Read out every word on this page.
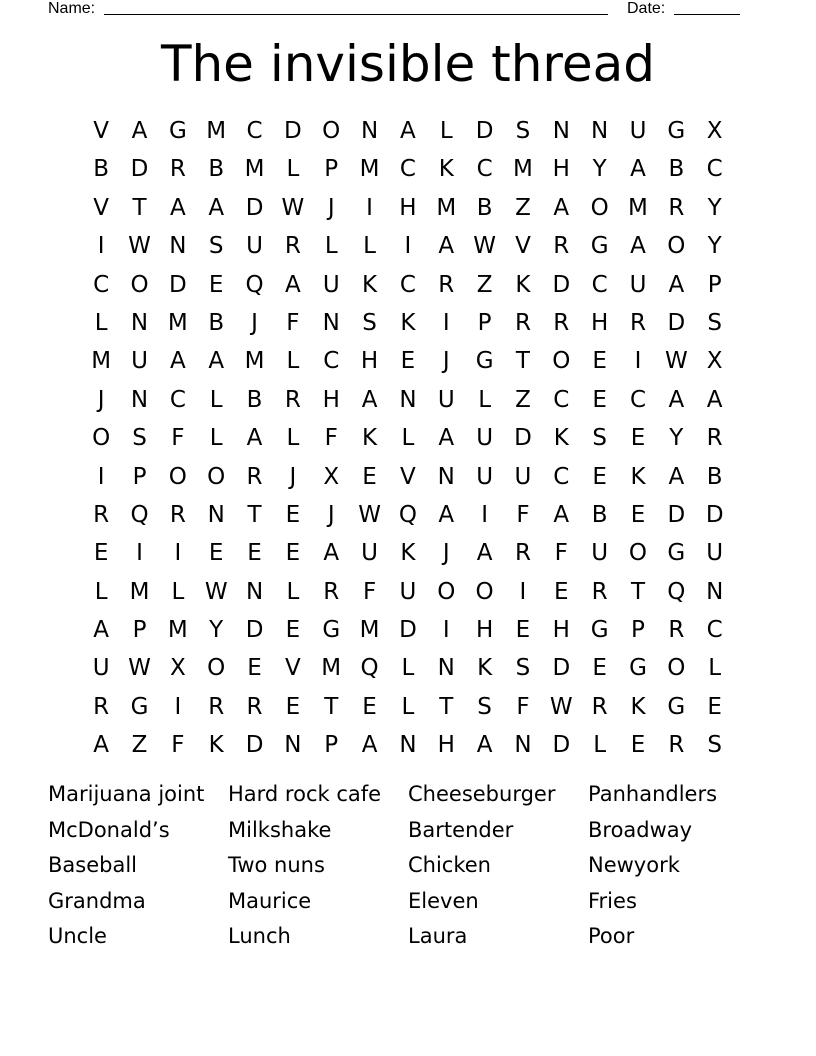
Name:	Date:
The invisible thread
V A G M C D O N A	L	D S N N U G X
B D R B M L	P M C K C M H Y	A B C
V	T	A A D W	J	I	H M B Z A O M R	Y
I	W N S U R	L	L	I	A W V R G A O Y
C O D E Q A U K C R Z K D C U A	P
L	N M B	J	F	N S	K	I	P	R R H R D S
M U A A M L	C H E	J	G T O E	I	W X
J	N C	L	B R H A N U	L	Z C	E	C A A
O S	F	L	A	L	F	K	L	A U D K	S	E	Y	R
I	P O O R	J	X	E	V N U U C	E	K A B
R Q R N T	E	J	W Q A	I	F	A B	E D D
E	I	I	E	E	E	A U K	J	A R	F	U O G U
L M L W N	L	R	F	U O O	I	E	R	T Q N
A	P M Y D E G M D	I	H E H G P	R C
U W X O E	V M Q L	N K	S D E G O L
R G	I	R R	E	T	E	L	T	S	F W R K G E
A Z	F	K D N P	A N H A N D	L	E	R	S
Marijuana joint	Hard rock cafe	Cheeseburger	Panhandlers
McDonald’s	Milkshake	Bartender	Broadway
Baseball	Two nuns	Chicken	Newyork
Grandma	Maurice	Eleven	Fries
Uncle	Lunch	Laura	Poor
